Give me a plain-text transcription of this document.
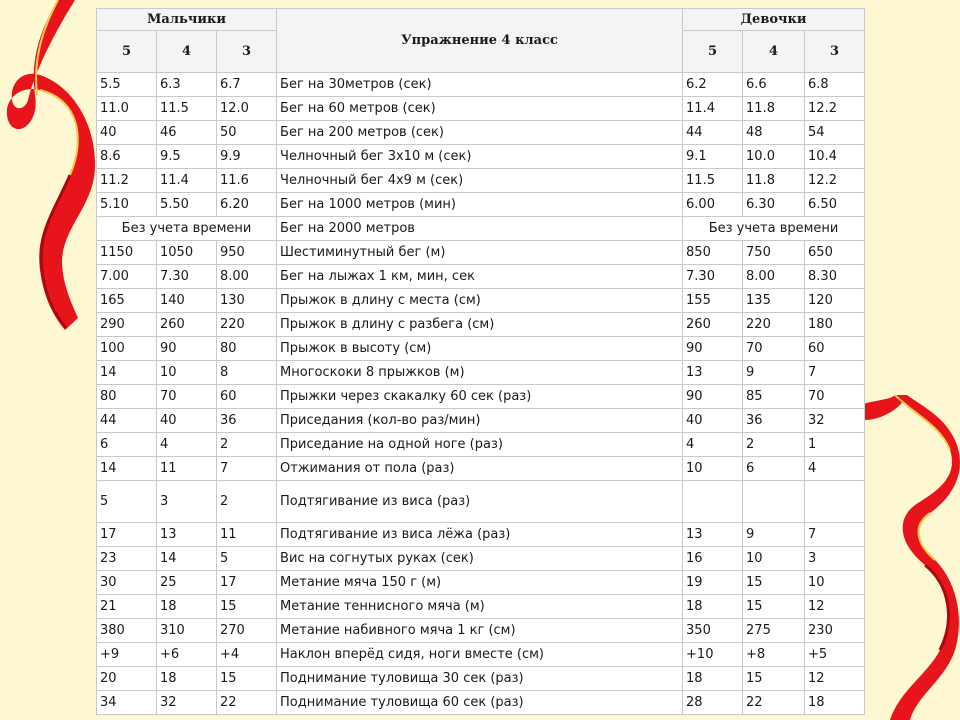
Мальчики			Упражнение 4 класс	Девочки		
5	4	3		5	4	3
5.5	6.3	6.7	Бег на 30метров (сек)	6.2	6.6	6.8
11.0	11.5	12.0	Бег на 60 метров (сек)	11.4	11.8	12.2
40	46	50	Бег на 200 метров (сек)	44	48	54
8.6	9.5	9.9	Челночный бег 3х10 м (сек)	9.1	10.0	10.4
11.2	11.4	11.6	Челночный бег 4х9 м (сек)	11.5	11.8	12.2
5.10	5.50	6.20	Бег на 1000 метров (мин)	6.00	6.30	6.50
Без учета времени			Бег на 2000 метров	Без учета времени		
1150	1050	950	Шестиминутный бег (м)	850	750	650
7.00	7.30	8.00	Бег на лыжах 1 км, мин, сек	7.30	8.00	8.30
165	140	130	Прыжок в длину с места (см)	155	135	120
290	260	220	Прыжок в длину с разбега (см)	260	220	180
100	90	80	Прыжок в высоту (см)	90	70	60
14	10	8	Многоскоки 8 прыжков (м)	13	9	7
80	70	60	Прыжки через скакалку 60 сек (раз)	90	85	70
44	40	36	Приседания (кол-во раз/мин)	40	36	32
6	4	2	Приседание на одной ноге (раз)	4	2	1
14	11	7	Отжимания от пола (раз)	10	6	4
5	3	2	Подтягивание из виса (раз)			
17	13	11	Подтягивание из виса лёжа (раз)	13	9	7
23	14	5	Вис на согнутых руках (сек)	16	10	3
30	25	17	Метание мяча 150 г (м)	19	15	10
21	18	15	Метание теннисного мяча (м)	18	15	12
380	310	270	Метание набивного мяча 1 кг (см)	350	275	230
+9	+6	+4	Наклон вперёд сидя, ноги вместе (см)	+10	+8	+5
20	18	15	Поднимание туловища 30 сек (раз)	18	15	12
34	32	22	Поднимание туловища 60 сек (раз)	28	22	18
